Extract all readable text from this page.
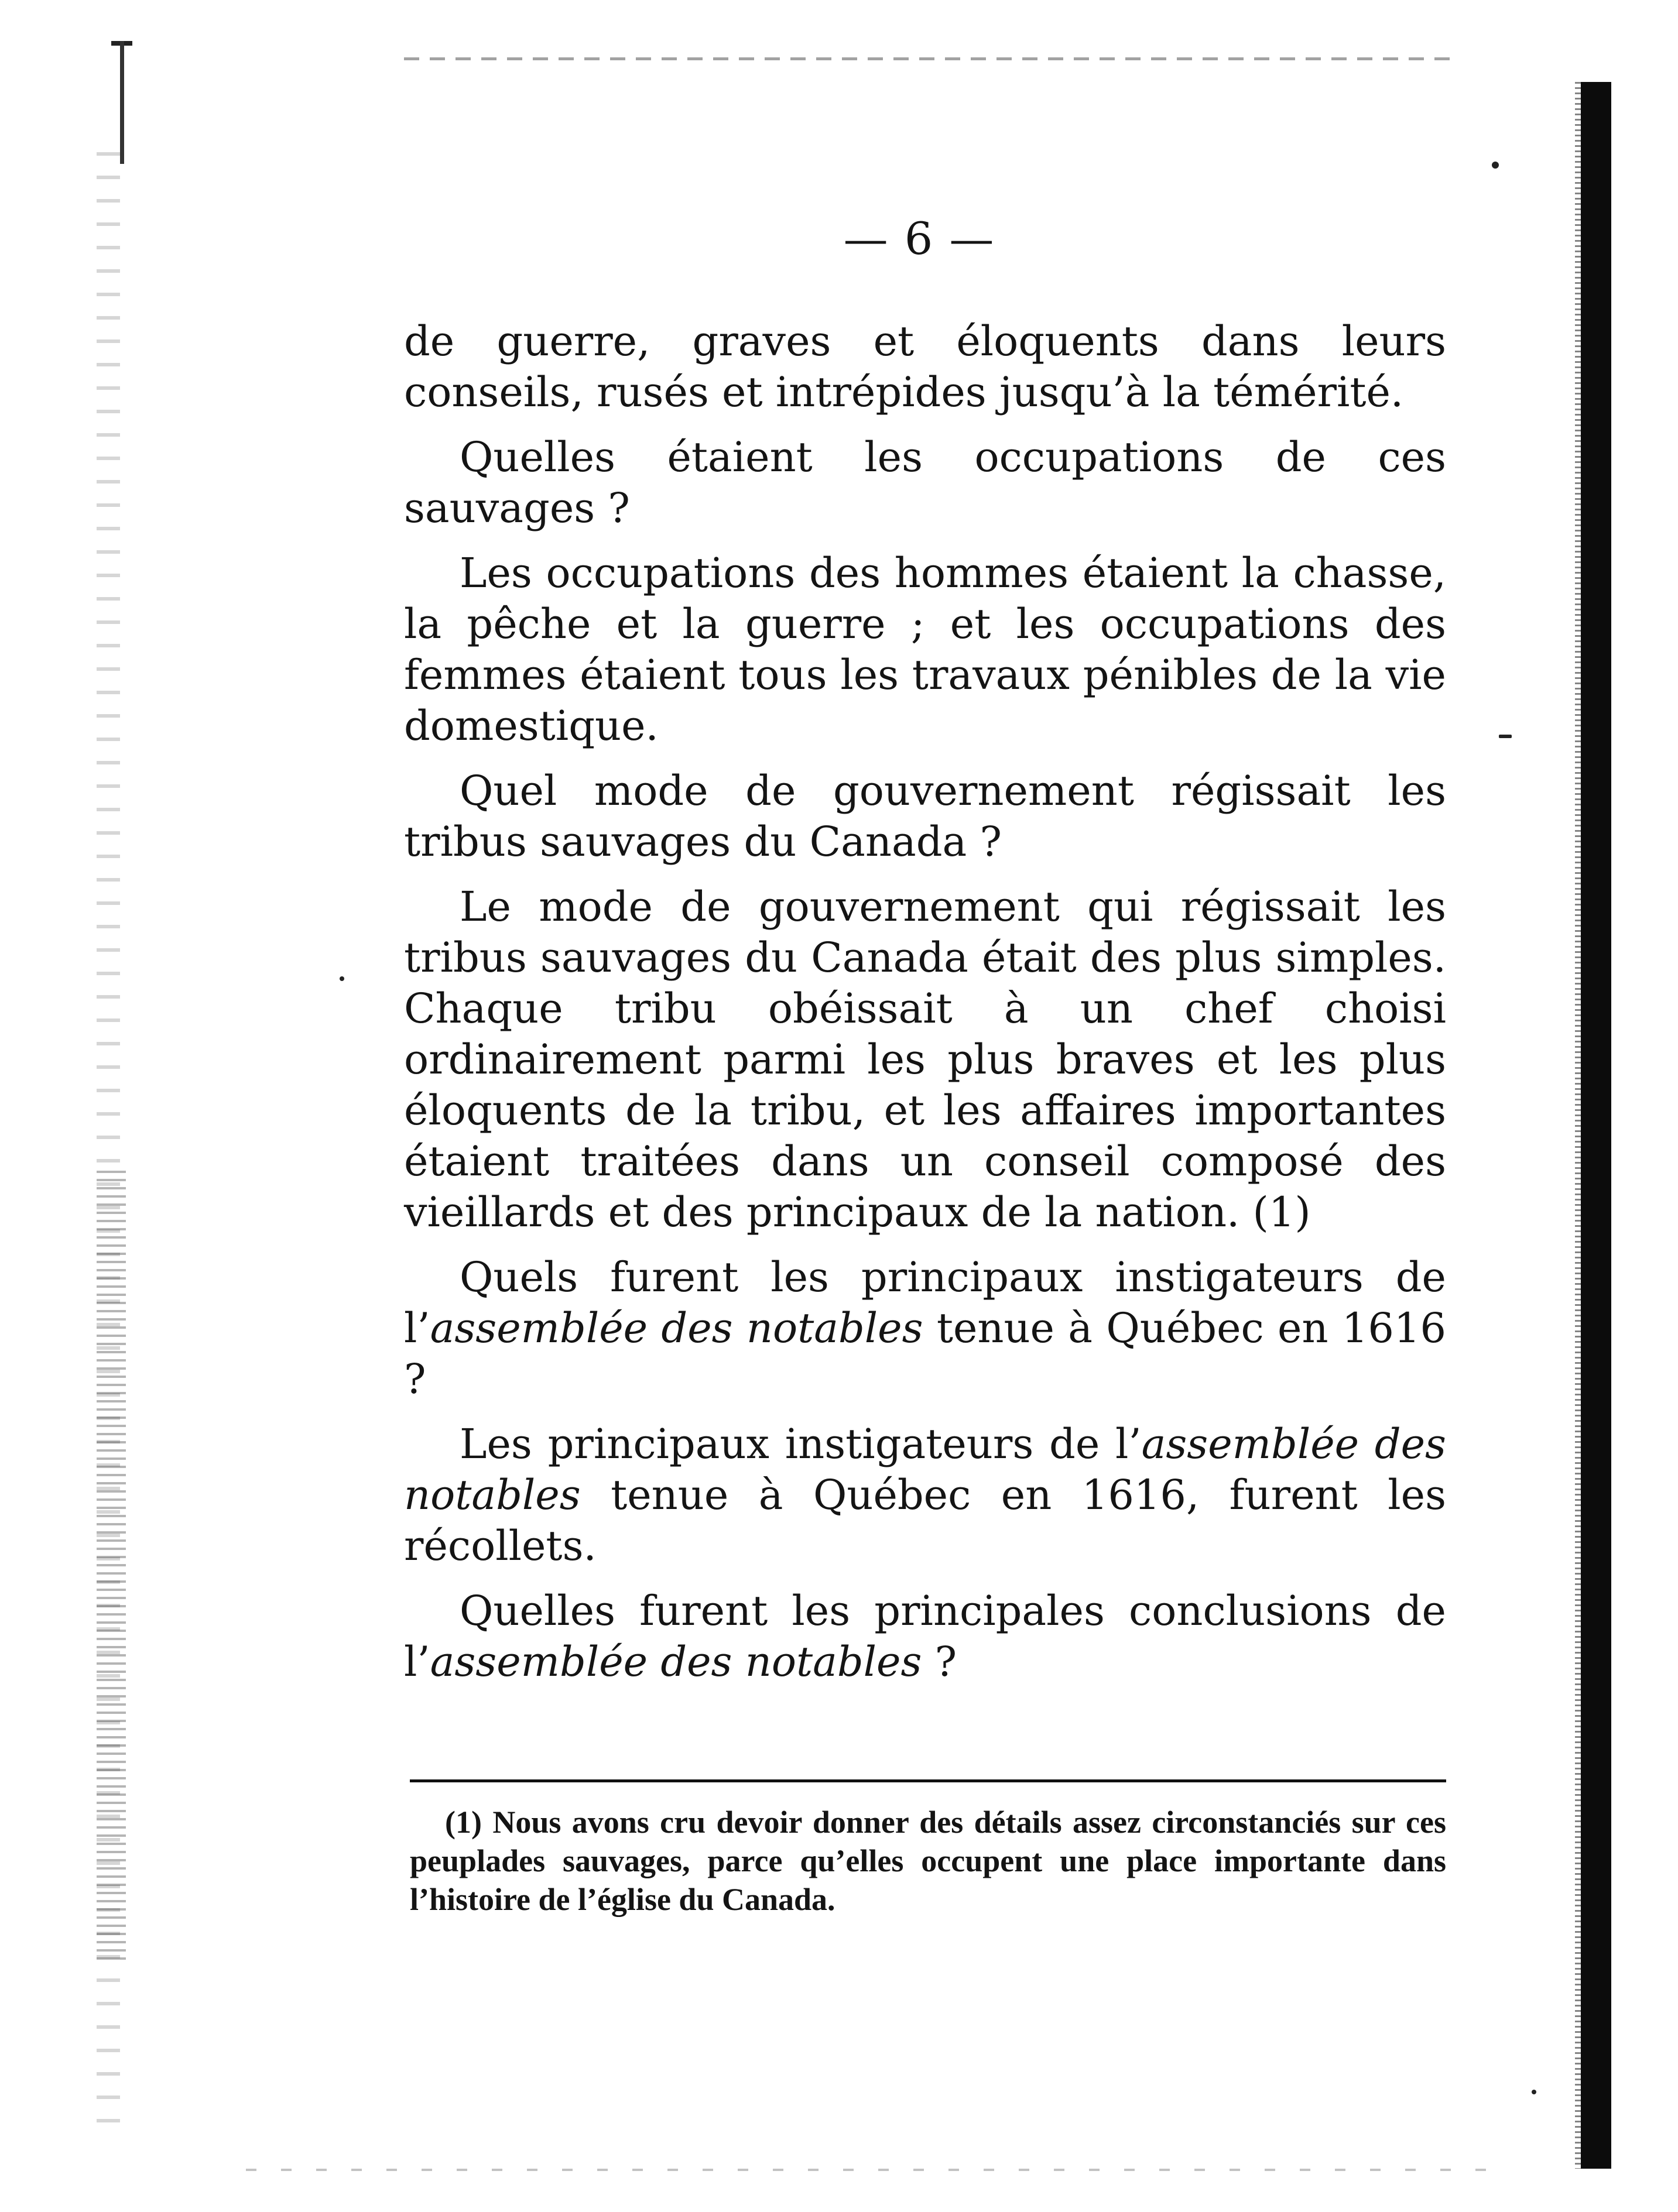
— 6 —

de guerre, graves et éloquents dans leurs conseils, rusés et intrépides jusqu’à la témérité.

Quelles étaient les occupations de ces sauvages ?

Les occupations des hommes étaient la chasse, la pêche et la guerre ; et les occupations des femmes étaient tous les travaux pénibles de la vie domestique.

Quel mode de gouvernement régissait les tribus sauvages du Canada ?

Le mode de gouvernement qui régissait les tribus sauvages du Canada était des plus simples. Chaque tribu obéissait à un chef choisi ordinairement parmi les plus braves et les plus éloquents de la tribu, et les affaires importantes étaient traitées dans un conseil composé des vieillards et des principaux de la nation. (1)

Quels furent les principaux instigateurs de l’assemblée des notables tenue à Québec en 1616 ?

Les principaux instigateurs de l’assemblée des notables tenue à Québec en 1616, furent les récollets.

Quelles furent les principales conclusions de l’assemblée des notables ?

(1) Nous avons cru devoir donner des détails assez circonstanciés sur ces peuplades sauvages, parce qu’elles occupent une place importante dans l’histoire de l’église du Canada.
